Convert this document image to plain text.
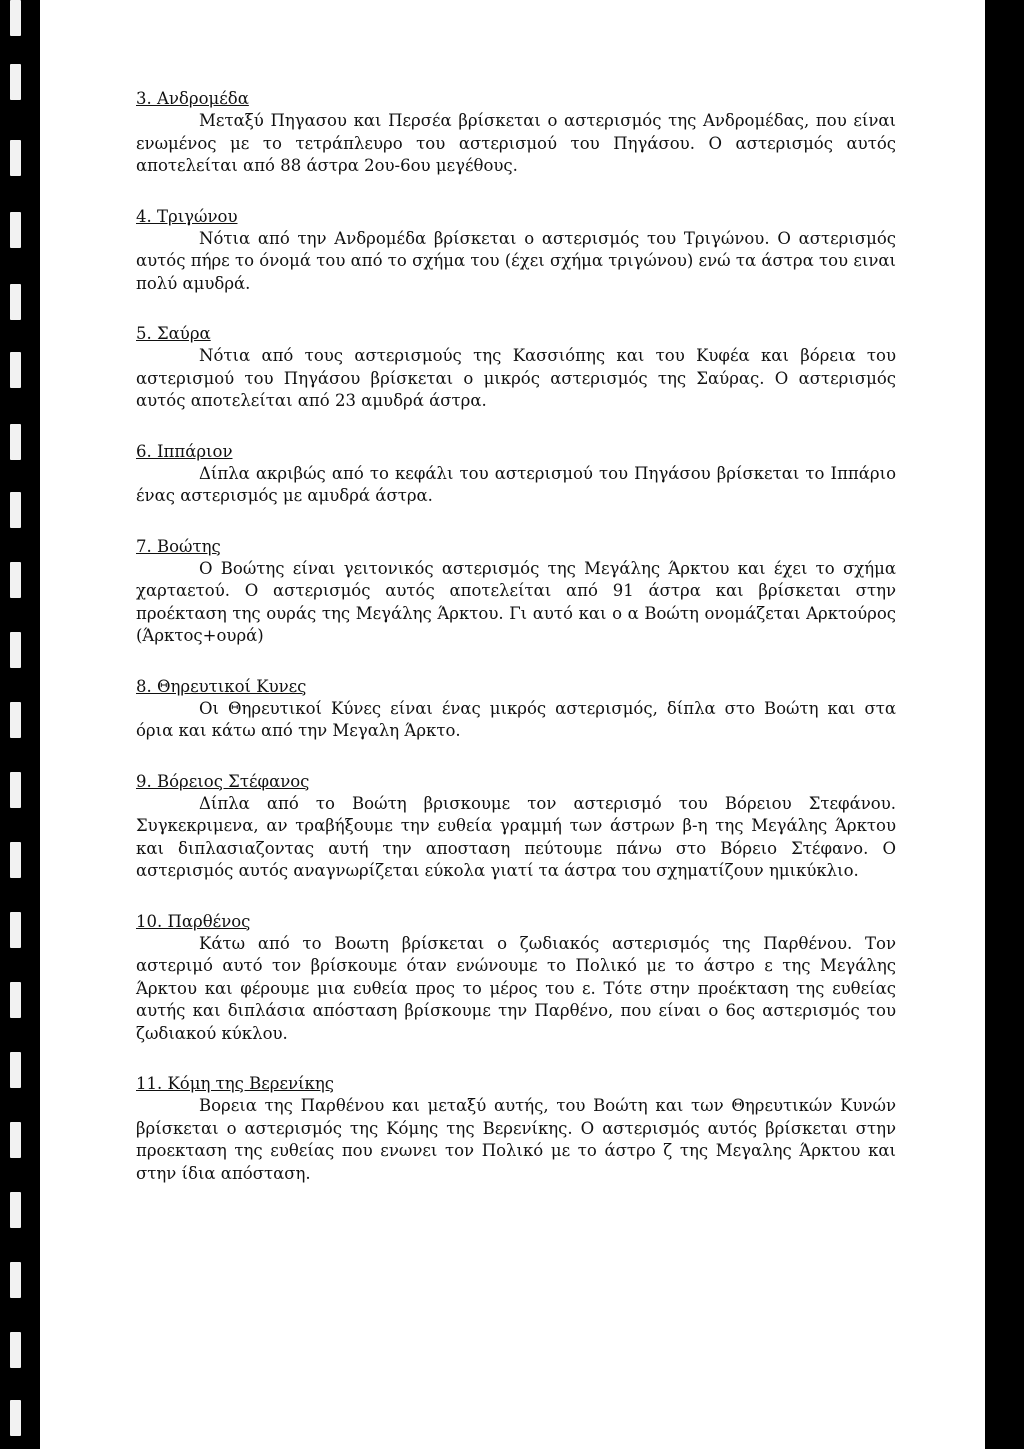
3. Ανδρομέδα

Μεταξύ Πηγασου και Περσέα βρίσκεται ο αστερισμός της Ανδρομέδας, που είναι ενωμένος με το τετράπλευρο του αστερισμού του Πηγάσου. Ο αστερισμός αυτός αποτελείται από 88 άστρα 2ου-6ου μεγέθους.

4. Τριγώνου

Νότια από την Ανδρομέδα βρίσκεται ο αστερισμός του Τριγώνου. Ο αστερισμός αυτός πήρε το όνομά του από το σχήμα του (έχει σχήμα τριγώνου) ενώ τα άστρα του ειναι πολύ αμυδρά.

5. Σαύρα

Νότια από τους αστερισμούς της Κασσιόπης και του Κυφέα και βόρεια του αστερισμού του Πηγάσου βρίσκεται ο μικρός αστερισμός της Σαύρας. Ο αστερισμός αυτός αποτελείται από 23 αμυδρά άστρα.

6. Ιππάριον

Δίπλα ακριβώς από το κεφάλι του αστερισμού του Πηγάσου βρίσκεται το Ιππάριο ένας αστερισμός με αμυδρά άστρα.

7. Βοώτης

Ο Βοώτης είναι γειτονικός αστερισμός της Μεγάλης Άρκτου και έχει το σχήμα χαρταετού. Ο αστερισμός αυτός αποτελείται από 91 άστρα και βρίσκεται στην προέκταση της ουράς της Μεγάλης Άρκτου. Γι αυτό και ο α Βοώτη ονομάζεται Αρκτούρος (Άρκτος+ουρά)

8. Θηρευτικοί Κυνες

Οι Θηρευτικοί Κύνες είναι ένας μικρός αστερισμός, δίπλα στο Βοώτη και στα όρια και κάτω από την Μεγαλη Άρκτο.

9. Βόρειος Στέφανος

Δίπλα από το Βοώτη βρισκουμε τον αστερισμό του Βόρειου Στεφάνου. Συγκεκριμενα, αν τραβήξουμε την ευθεία γραμμή των άστρων β-η της Μεγάλης Άρκτου και διπλασιαζοντας αυτή την αποσταση πεύτουμε πάνω στο Βόρειο Στέφανο. Ο αστερισμός αυτός αναγνωρίζεται εύκολα γιατί τα άστρα του σχηματίζουν ημικύκλιο.

10. Παρθένος

Κάτω από το Βοωτη βρίσκεται ο ζωδιακός αστερισμός της Παρθένου. Τον αστεριμό αυτό τον βρίσκουμε όταν ενώνουμε το Πολικό με το άστρο ε της Μεγάλης Άρκτου και φέρουμε μια ευθεία προς το μέρος του ε. Τότε στην προέκταση της ευθείας αυτής και διπλάσια απόσταση βρίσκουμε την Παρθένο, που είναι ο 6ος αστερισμός του ζωδιακού κύκλου.

11. Κόμη της Βερενίκης

Βορεια της Παρθένου και μεταξύ αυτής, του Βοώτη και των Θηρευτικών Κυνών βρίσκεται ο αστερισμός της Κόμης της Βερενίκης. Ο αστερισμός αυτός βρίσκεται στην προεκταση της ευθείας που ενωνει τον Πολικό με το άστρο ζ της Μεγαλης Άρκτου και στην ίδια απόσταση.
